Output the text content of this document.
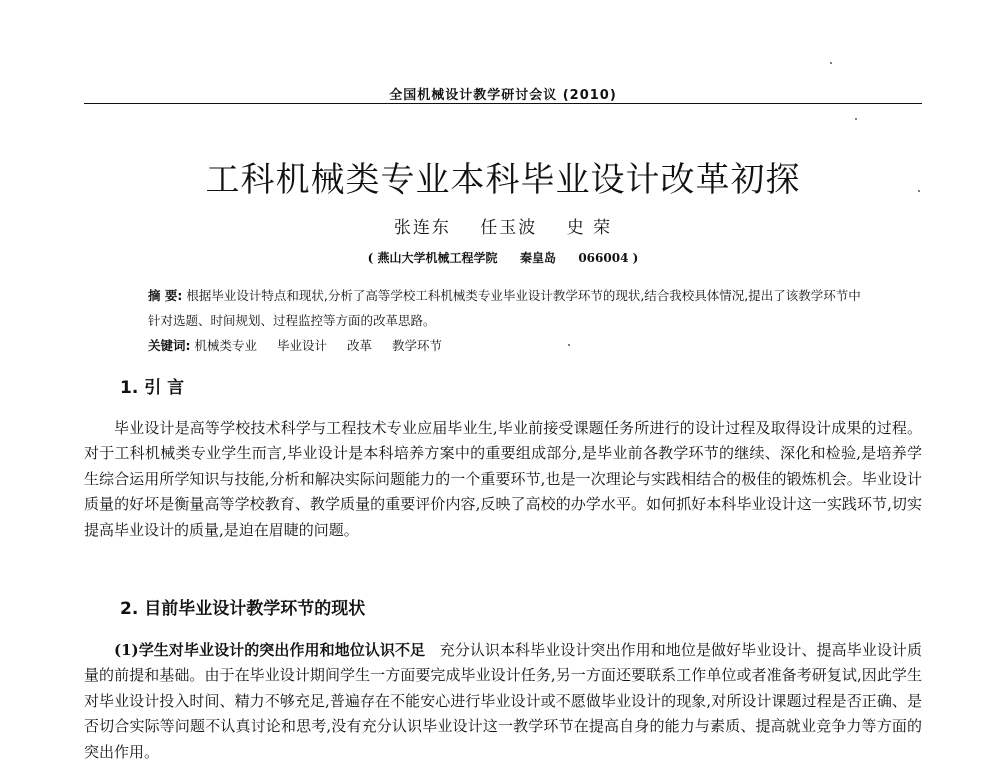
全国机械设计教学研讨会议 (2010)
工科机械类专业本科毕业设计改革初探
张连东 任玉波 史 荣
( 燕山大学机械工程学院 秦皇岛 066004 )
摘 要: 根据毕业设计特点和现状,分析了高等学校工科机械类专业毕业设计教学环节的现状,结合我校具体情况,提出了该教学环节中针对选题、时间规划、过程监控等方面的改革思路。
关键词: 机械类专业 毕业设计 改革 教学环节
1. 引 言
毕业设计是高等学校技术科学与工程技术专业应届毕业生,毕业前接受课题任务所进行的设计过程及取得设计成果的过程。对于工科机械类专业学生而言,毕业设计是本科培养方案中的重要组成部分,是毕业前各教学环节的继续、深化和检验,是培养学生综合运用所学知识与技能,分析和解决实际问题能力的一个重要环节,也是一次理论与实践相结合的极佳的锻炼机会。毕业设计质量的好坏是衡量高等学校教育、教学质量的重要评价内容,反映了高校的办学水平。如何抓好本科毕业设计这一实践环节,切实提高毕业设计的质量,是迫在眉睫的问题。
2. 目前毕业设计教学环节的现状
(1)学生对毕业设计的突出作用和地位认识不足 充分认识本科毕业设计突出作用和地位是做好毕业设计、提高毕业设计质量的前提和基础。由于在毕业设计期间学生一方面要完成毕业设计任务,另一方面还要联系工作单位或者准备考研复试,因此学生对毕业设计投入时间、精力不够充足,普遍存在不能安心进行毕业设计或不愿做毕业设计的现象,对所设计课题过程是否正确、是否切合实际等问题不认真讨论和思考,没有充分认识毕业设计这一教学环节在提高自身的能力与素质、提高就业竞争力等方面的突出作用。
